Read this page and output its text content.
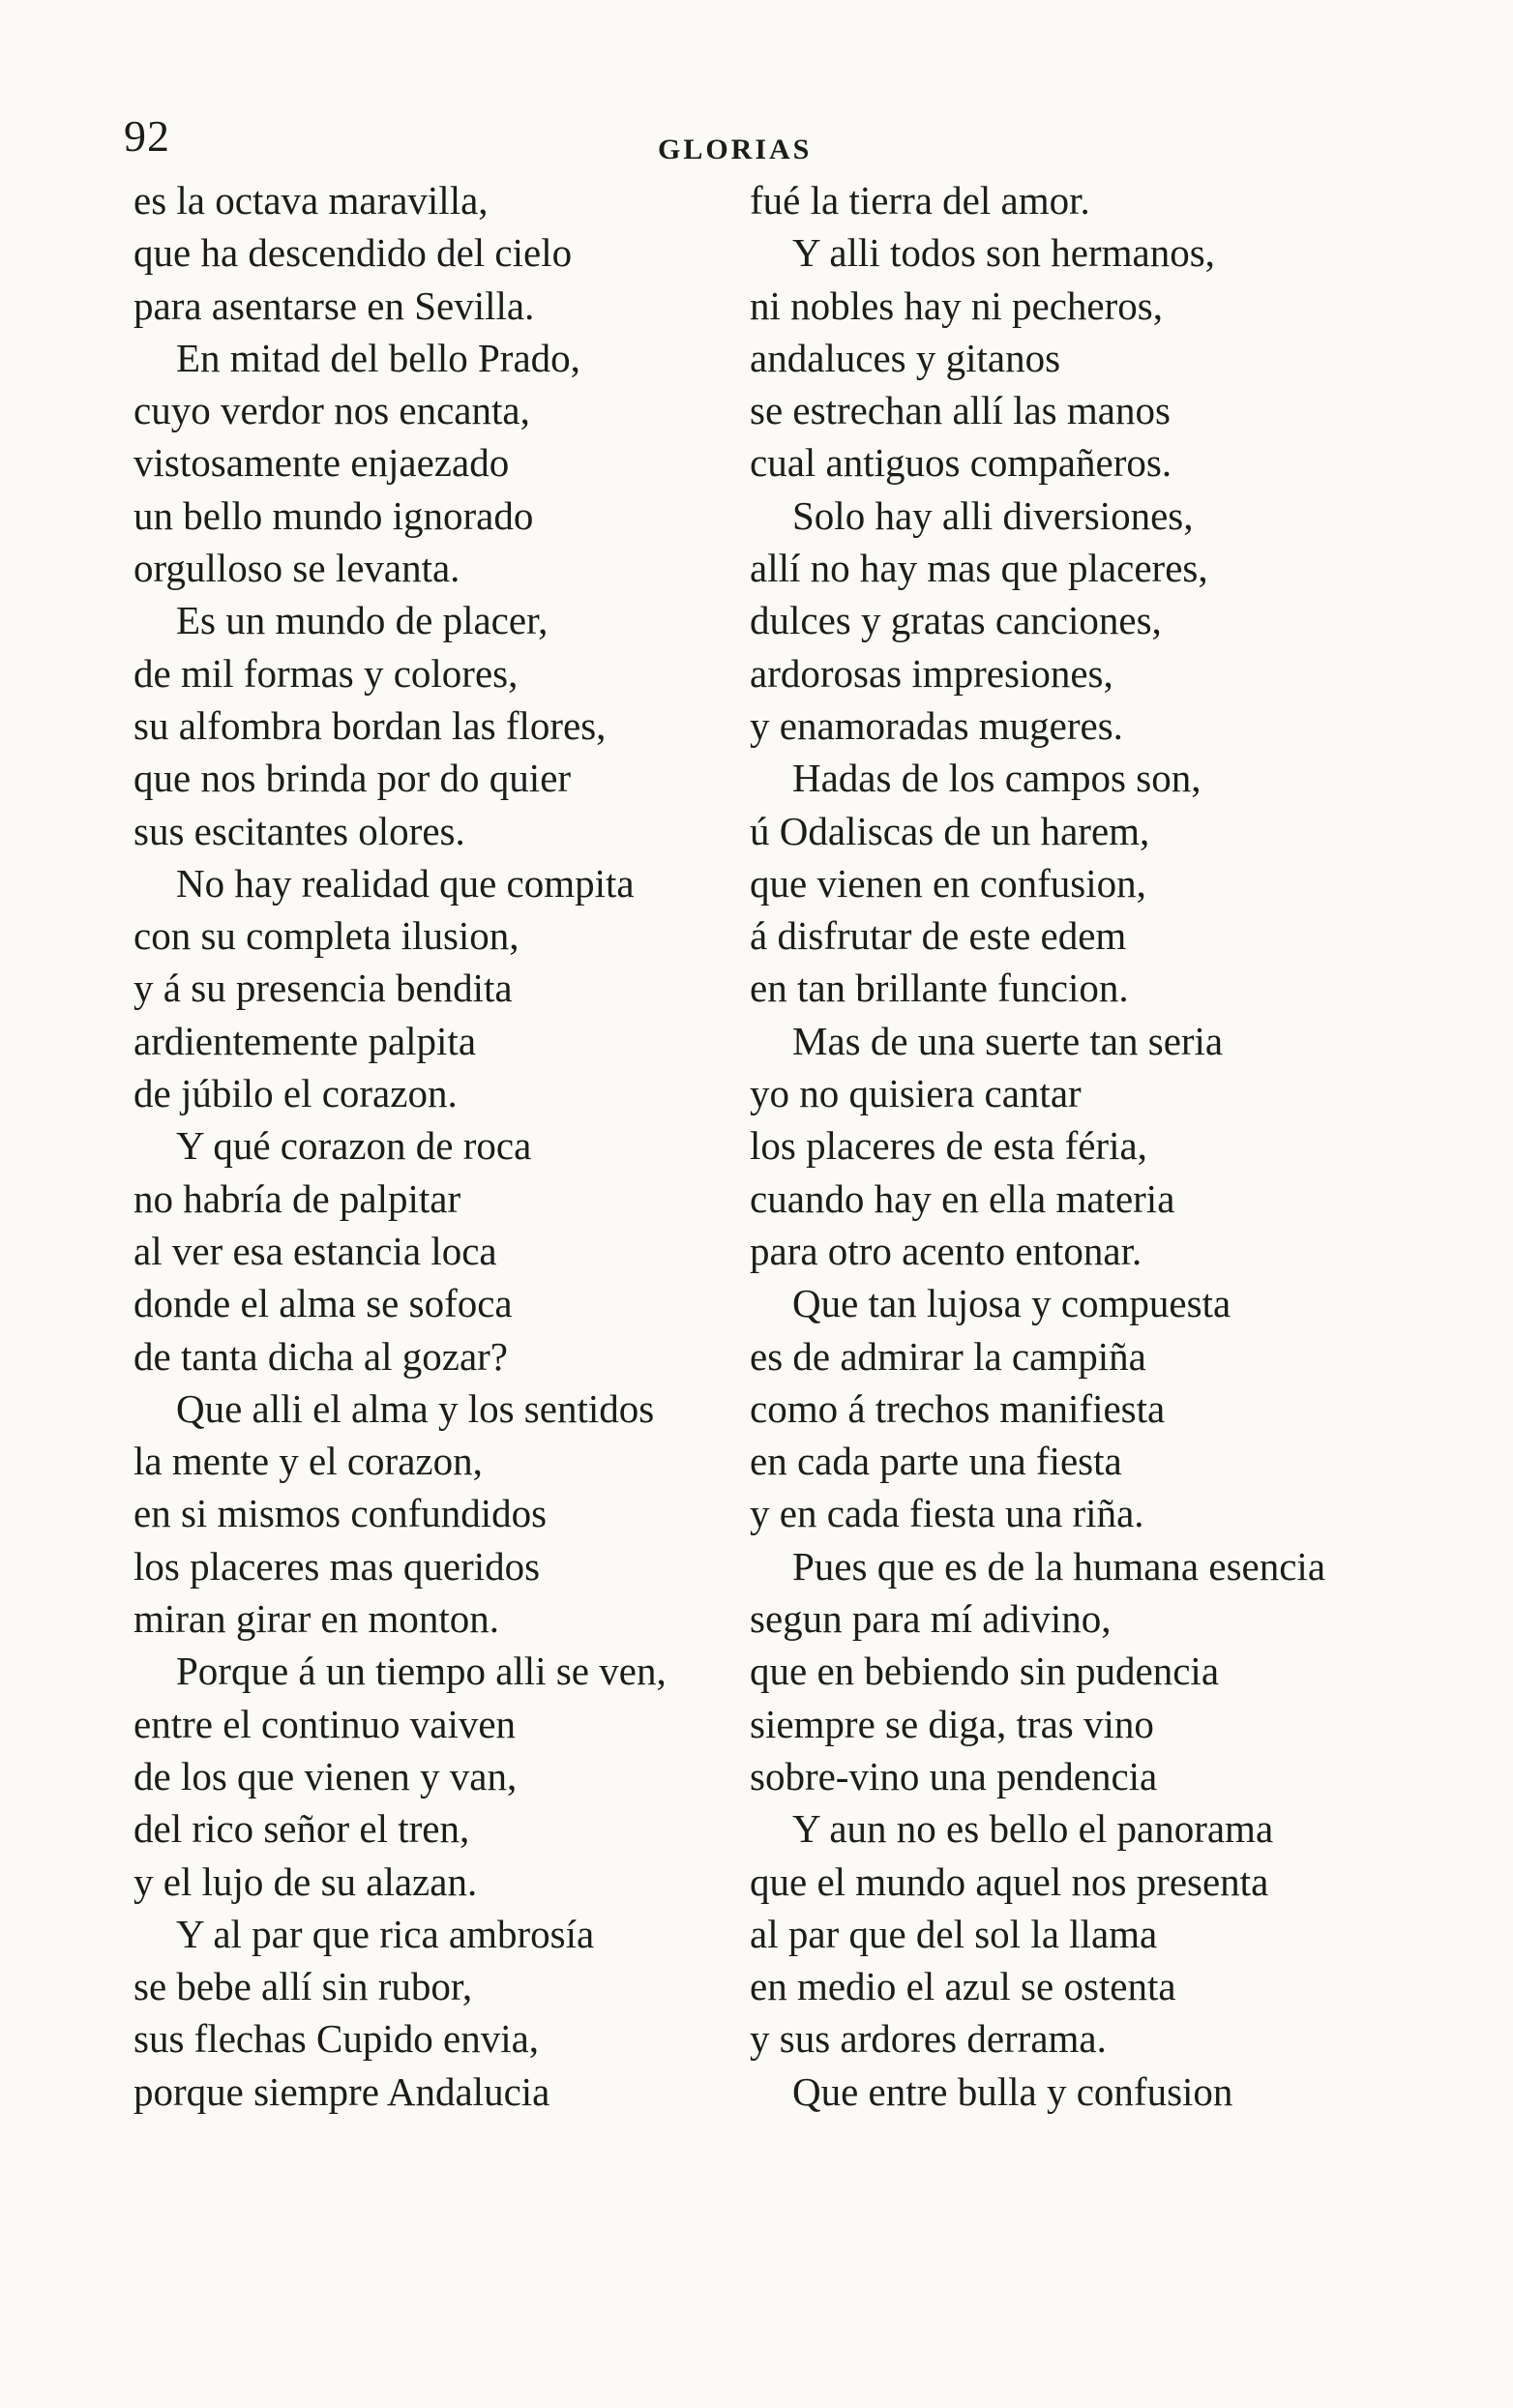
92	GLORIAS
es la octava maravilla,
que ha descendido del cielo
para asentarse en Sevilla.
En mitad del bello Prado,
cuyo verdor nos encanta,
vistosamente enjaezado
un bello mundo ignorado
orgulloso se levanta.
Es un mundo de placer,
de mil formas y colores,
su alfombra bordan las flores,
que nos brinda por do quier
sus escitantes olores.
No hay realidad que compita
con su completa ilusion,
y á su presencia bendita
ardientemente palpita
de júbilo el corazon.
Y qué corazon de roca
no habría de palpitar
al ver esa estancia loca
donde el alma se sofoca
de tanta dicha al gozar?
Que alli el alma y los sentidos
la mente y el corazon,
en si mismos confundidos
los placeres mas queridos
miran girar en monton.
Porque á un tiempo alli se ven,
entre el continuo vaiven
de los que vienen y van,
del rico señor el tren,
y el lujo de su alazan.
Y al par que rica ambrosía
se bebe allí sin rubor,
sus flechas Cupido envia,
porque siempre Andalucia
fué la tierra del amor.
Y alli todos son hermanos,
ni nobles hay ni pecheros,
andaluces y gitanos
se estrechan allí las manos
cual antiguos compañeros.
Solo hay alli diversiones,
allí no hay mas que placeres,
dulces y gratas canciones,
ardorosas impresiones,
y enamoradas mugeres.
Hadas de los campos son,
ú Odaliscas de un harem,
que vienen en confusion,
á disfrutar de este edem
en tan brillante funcion.
Mas de una suerte tan seria
yo no quisiera cantar
los placeres de esta féria,
cuando hay en ella materia
para otro acento entonar.
Que tan lujosa y compuesta
es de admirar la campiña
como á trechos manifiesta
en cada parte una fiesta
y en cada fiesta una riña.
Pues que es de la humana esencia
segun para mí adivino,
que en bebiendo sin pudencia
siempre se diga, tras vino
sobre-vino una pendencia
Y aun no es bello el panorama
que el mundo aquel nos presenta
al par que del sol la llama
en medio el azul se ostenta
y sus ardores derrama.
Que entre bulla y confusion
